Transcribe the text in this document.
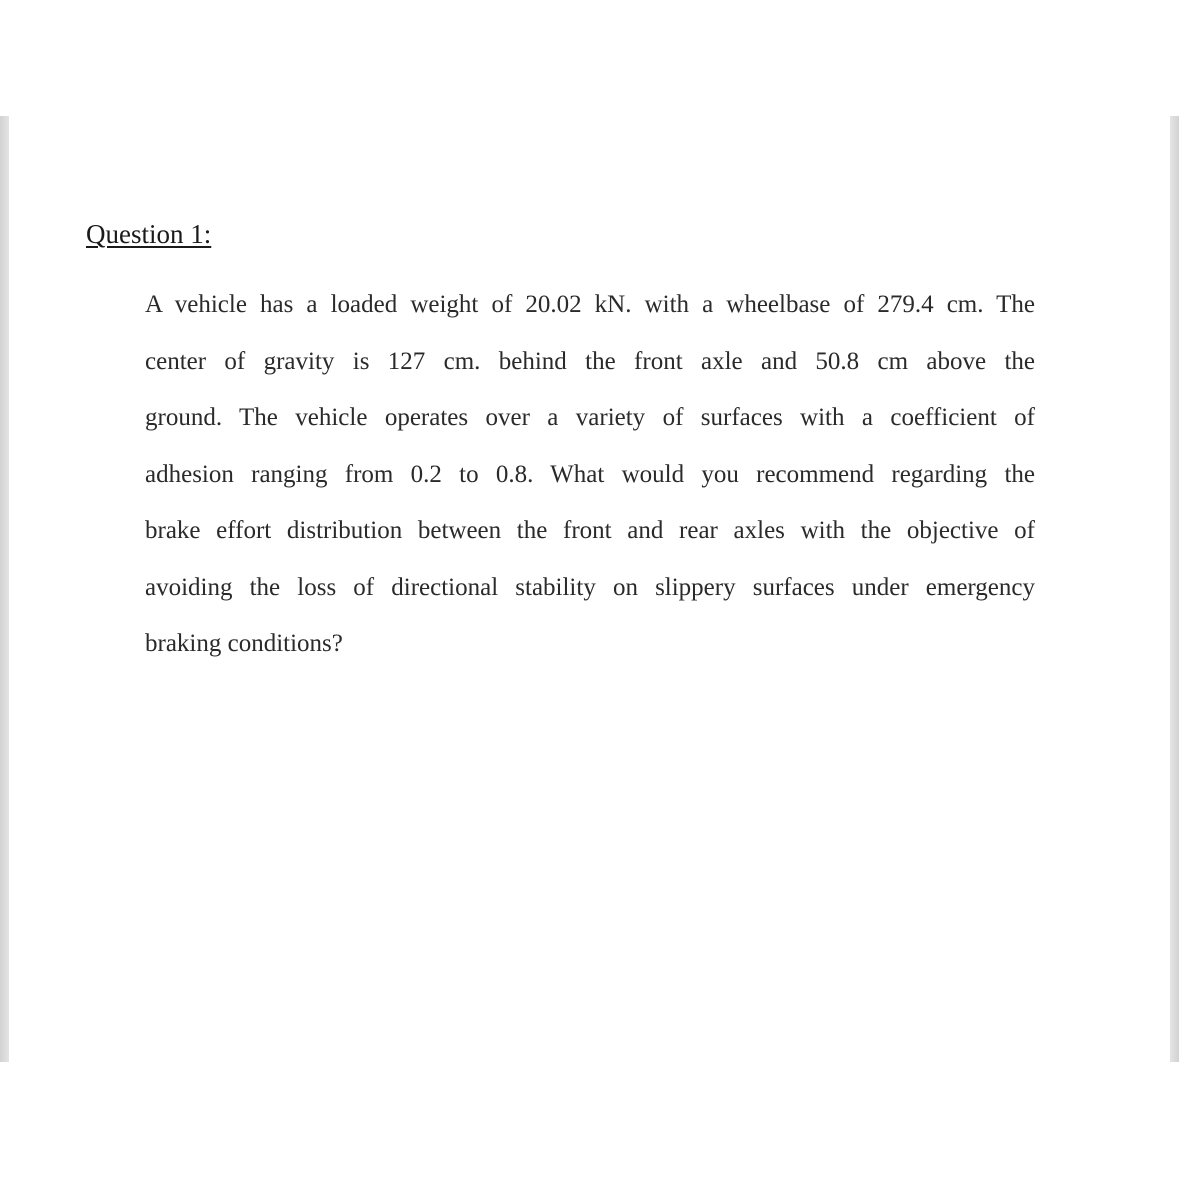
Question 1:
A vehicle has a loaded weight of 20.02 kN. with a wheelbase of 279.4 cm. The
center of gravity is 127 cm. behind the front axle and 50.8 cm above the
ground. The vehicle operates over a variety of surfaces with a coefficient of
adhesion ranging from 0.2 to 0.8. What would you recommend regarding the
brake effort distribution between the front and rear axles with the objective of
avoiding the loss of directional stability on slippery surfaces under emergency
braking conditions?
